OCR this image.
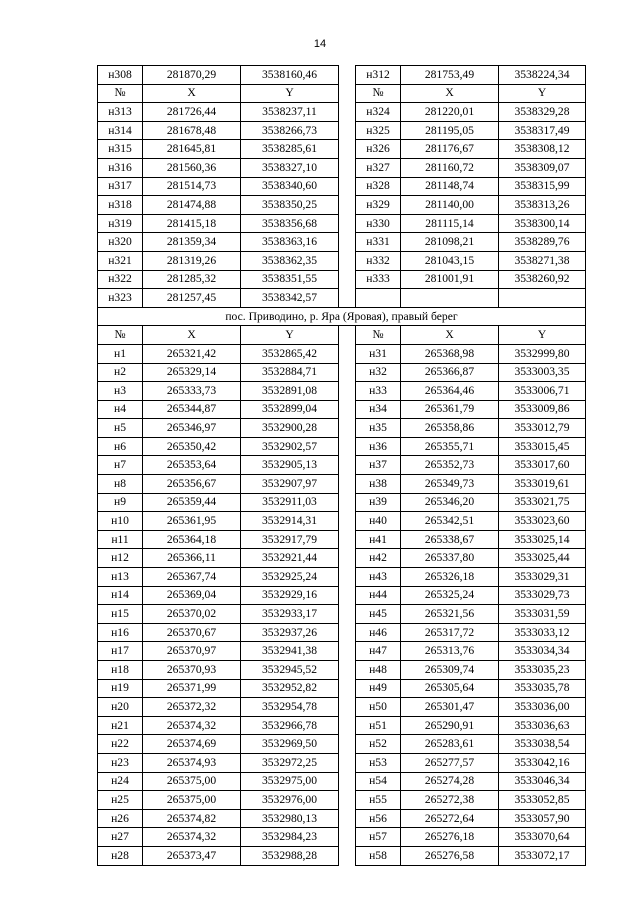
14
н308	281870,29	3538160,46		н312	281753,49	3538224,34
№	X	Y		№	X	Y
н313	281726,44	3538237,11		н324	281220,01	3538329,28
н314	281678,48	3538266,73		н325	281195,05	3538317,49
н315	281645,81	3538285,61		н326	281176,67	3538308,12
н316	281560,36	3538327,10		н327	281160,72	3538309,07
н317	281514,73	3538340,60		н328	281148,74	3538315,99
н318	281474,88	3538350,25		н329	281140,00	3538313,26
н319	281415,18	3538356,68		н330	281115,14	3538300,14
н320	281359,34	3538363,16		н331	281098,21	3538289,76
н321	281319,26	3538362,35		н332	281043,15	3538271,38
н322	281285,32	3538351,55		н333	281001,91	3538260,92
н323	281257,45	3538342,57				
пос. Приводино, р. Яра (Яровая), правый берег						
№	X	Y		№	X	Y
н1	265321,42	3532865,42		н31	265368,98	3532999,80
н2	265329,14	3532884,71		н32	265366,87	3533003,35
н3	265333,73	3532891,08		н33	265364,46	3533006,71
н4	265344,87	3532899,04		н34	265361,79	3533009,86
н5	265346,97	3532900,28		н35	265358,86	3533012,79
н6	265350,42	3532902,57		н36	265355,71	3533015,45
н7	265353,64	3532905,13		н37	265352,73	3533017,60
н8	265356,67	3532907,97		н38	265349,73	3533019,61
н9	265359,44	3532911,03		н39	265346,20	3533021,75
н10	265361,95	3532914,31		н40	265342,51	3533023,60
н11	265364,18	3532917,79		н41	265338,67	3533025,14
н12	265366,11	3532921,44		н42	265337,80	3533025,44
н13	265367,74	3532925,24		н43	265326,18	3533029,31
н14	265369,04	3532929,16		н44	265325,24	3533029,73
н15	265370,02	3532933,17		н45	265321,56	3533031,59
н16	265370,67	3532937,26		н46	265317,72	3533033,12
н17	265370,97	3532941,38		н47	265313,76	3533034,34
н18	265370,93	3532945,52		н48	265309,74	3533035,23
н19	265371,99	3532952,82		н49	265305,64	3533035,78
н20	265372,32	3532954,78		н50	265301,47	3533036,00
н21	265374,32	3532966,78		н51	265290,91	3533036,63
н22	265374,69	3532969,50		н52	265283,61	3533038,54
н23	265374,93	3532972,25		н53	265277,57	3533042,16
н24	265375,00	3532975,00		н54	265274,28	3533046,34
н25	265375,00	3532976,00		н55	265272,38	3533052,85
н26	265374,82	3532980,13		н56	265272,64	3533057,90
н27	265374,32	3532984,23		н57	265276,18	3533070,64
н28	265373,47	3532988,28		н58	265276,58	3533072,17
